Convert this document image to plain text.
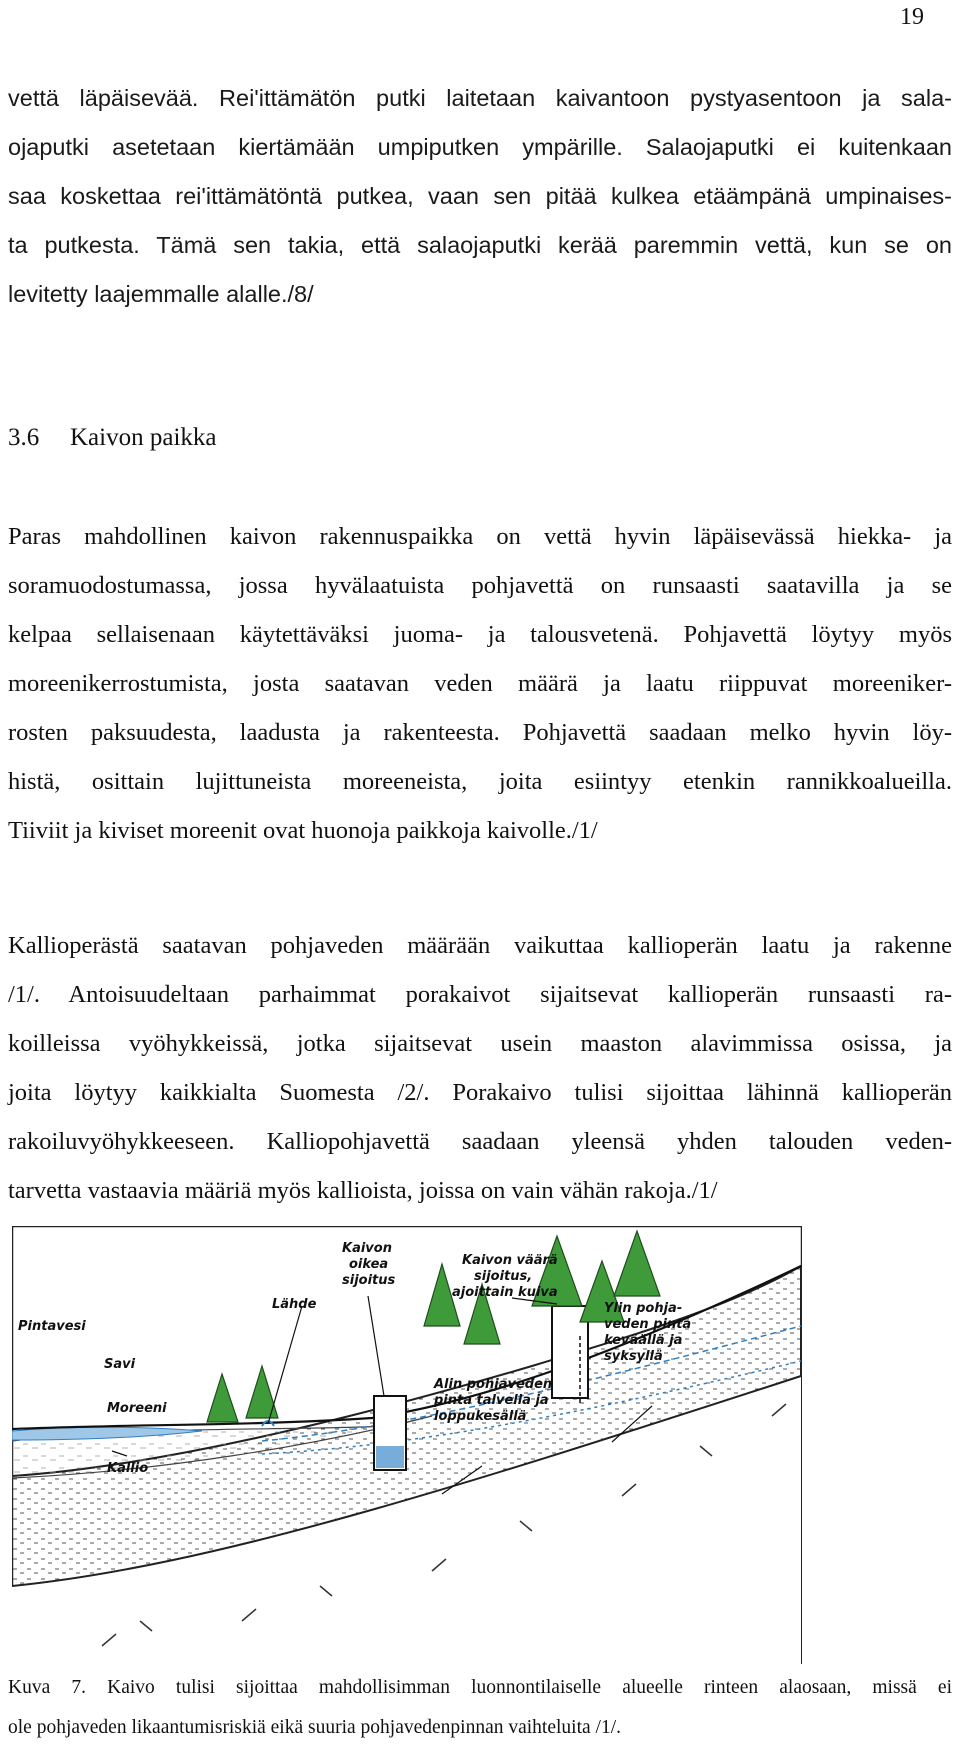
19
vettä läpäisevää. Rei'ittämätön putki laitetaan kaivantoon pystyasentoon ja sala-
ojaputki asetetaan kiertämään umpiputken ympärille. Salaojaputki ei kuitenkaan
saa koskettaa rei'ittämätöntä putkea, vaan sen pitää kulkea etäämpänä umpinaises-
ta putkesta. Tämä sen takia, että salaojaputki kerää paremmin vettä, kun se on
levitetty laajemmalle alalle./8/
3.6 Kaivon paikka
Paras mahdollinen kaivon rakennuspaikka on vettä hyvin läpäisevässä hiekka- ja
soramuodostumassa, jossa hyvälaatuista pohjavettä on runsaasti saatavilla ja se
kelpaa sellaisenaan käytettäväksi juoma- ja talousvetenä. Pohjavettä löytyy myös
moreenikerrostumista, josta saatavan veden määrä ja laatu riippuvat moreeniker-
rosten paksuudesta, laadusta ja rakenteesta. Pohjavettä saadaan melko hyvin löy-
histä, osittain lujittuneista moreeneista, joita esiintyy etenkin rannikkoalueilla.
Tiiviit ja kiviset moreenit ovat huonoja paikkoja kaivolle./1/
Kallioperästä saatavan pohjaveden määrään vaikuttaa kallioperän laatu ja rakenne
/1/. Antoisuudeltaan parhaimmat porakaivot sijaitsevat kallioperän runsaasti ra-
koilleissa vyöhykkeissä, jotka sijaitsevat usein maaston alavimmissa osissa, ja
joita löytyy kaikkialta Suomesta /2/. Porakaivo tulisi sijoittaa lähinnä kallioperän
rakoiluvyöhykkeeseen. Kalliopohjavettä saadaan yleensä yhden talouden veden-
tarvetta vastaavia määriä myös kallioista, joissa on vain vähän rakoja./1/
Kaivon väärä
sijoitus,
ajoittain kuiva
Kaivon
oikea
sijoitus
Lähde
Pintavesi
Savi
Moreeni
Kallio
Ylin pohja-
veden pinta
keväällä ja
syksyllä
Alin pohjaveden
pinta talvella ja
loppukesällä
Kuva 7. Kaivo tulisi sijoittaa mahdollisimman luonnontilaiselle alueelle rinteen alaosaan, missä ei
ole pohjaveden likaantumisriskiä eikä suuria pohjavedenpinnan vaihteluita /1/.
